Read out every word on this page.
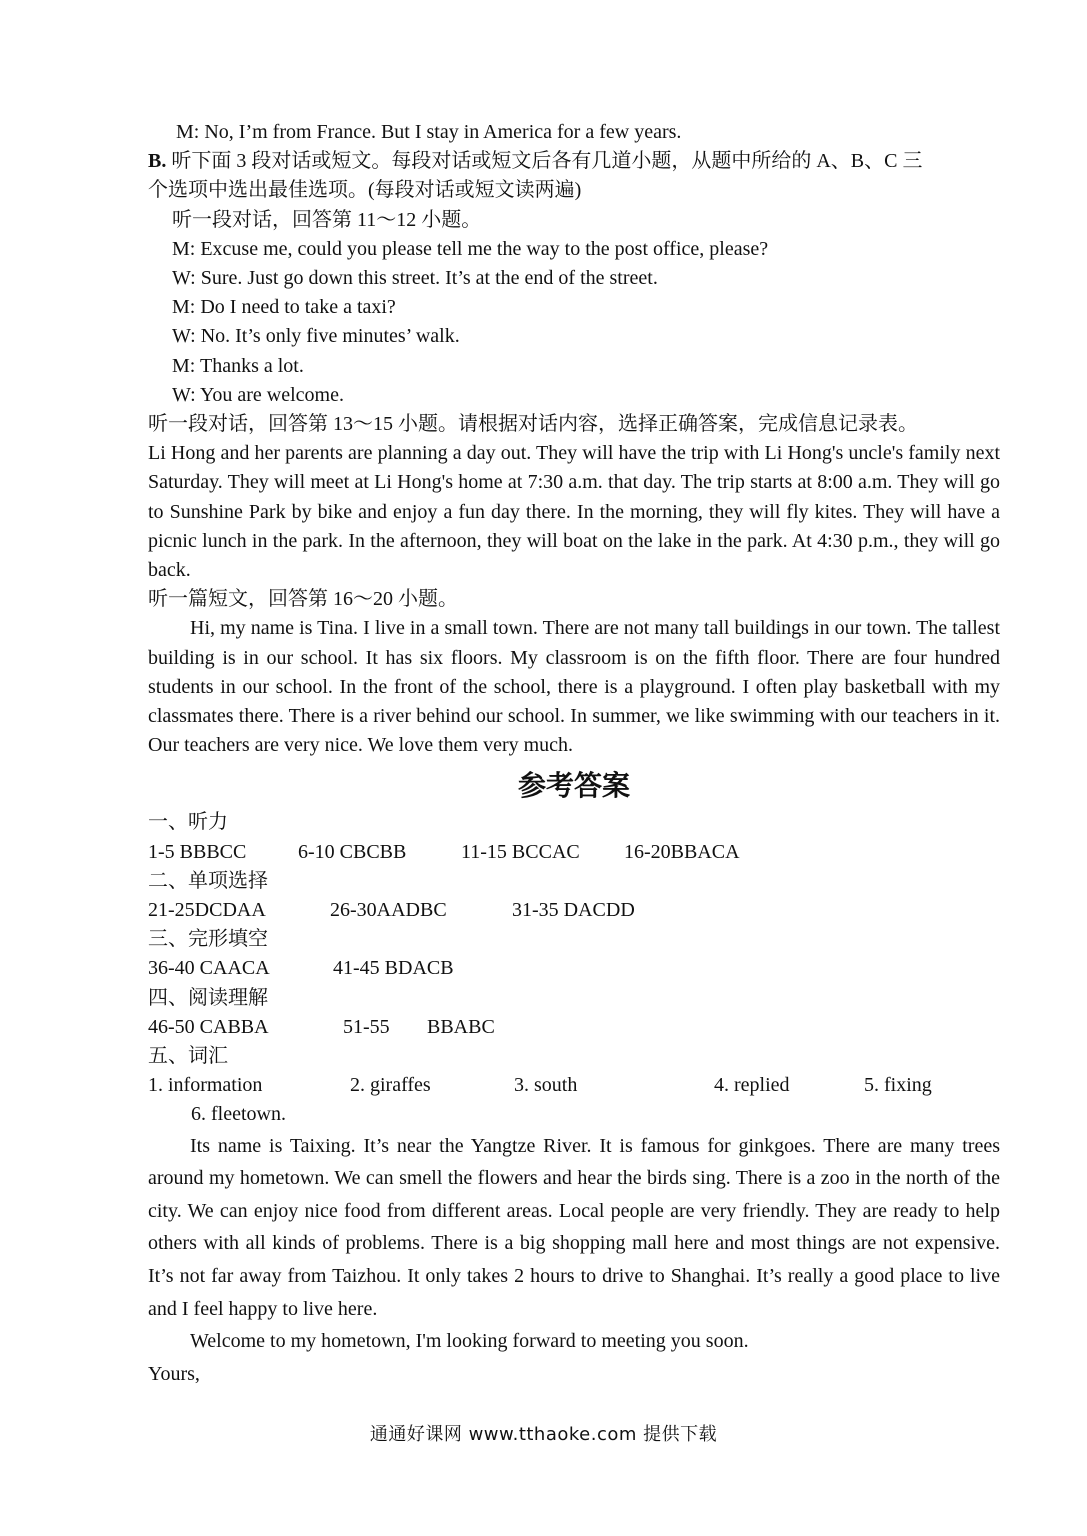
M: No, I’m from France. But I stay in America for a few years.
B. 听下面 3 段对话或短文。每段对话或短文后各有几道小题，从题中所给的 A、B、C 三
个选项中选出最佳选项。(每段对话或短文读两遍)
听一段对话，回答第 11～12 小题。
M: Excuse me, could you please tell me the way to the post office, please?
W: Sure. Just go down this street. It’s at the end of the street.
M: Do I need to take a taxi?
W: No. It’s only five minutes’ walk.
M: Thanks a lot.
W: You are welcome.
听一段对话，回答第 13～15 小题。请根据对话内容，选择正确答案，完成信息记录表。
Li Hong and her parents are planning a day out. They will have the trip with Li Hong's uncle's family next Saturday. They will meet at Li Hong's home at 7:30 a.m. that day. The trip starts at 8:00 a.m. They will go to Sunshine Park by bike and enjoy a fun day there. In the morning, they will fly kites. They will have a picnic lunch in the park. In the afternoon, they will boat on the lake in the park. At 4:30 p.m., they will go back.
听一篇短文，回答第 16～20 小题。
Hi, my name is Tina. I live in a small town. There are not many tall buildings in our town. The tallest building is in our school. It has six floors. My classroom is on the fifth floor. There are four hundred students in our school. In the front of the school, there is a playground. I often play basketball with my classmates there. There is a river behind our school. In summer, we like swimming with our teachers in it. Our teachers are very nice. We love them very much.
参考答案
一、听力
1-5 BBBCC	6-10 CBCBB	11-15 BCCAC 16-20BBACA
二、单项选择
21-25DCDAA	26-30AADBC	31-35 DACDD
三、完形填空
36-40 CAACA	41-45 BDACB
四、阅读理解
46-50 CABBA	51-55 BBABC
五、词汇
1. information	2. giraffes	3. south	4. replied	5. fixing
6. fleetown.
Its name is Taixing. It’s near the Yangtze River. It is famous for ginkgoes. There are many trees around my hometown. We can smell the flowers and hear the birds sing. There is a zoo in the north of the city. We can enjoy nice food from different areas. Local people are very friendly. They are ready to help others with all kinds of problems. There is a big shopping mall here and most things are not expensive. It’s not far away from Taizhou. It only takes 2 hours to drive to Shanghai. It’s really a good place to live and I feel happy to live here.
Welcome to my hometown, I'm looking forward to meeting you soon.
Yours,
通通好课网 www.tthaoke.com 提供下载
